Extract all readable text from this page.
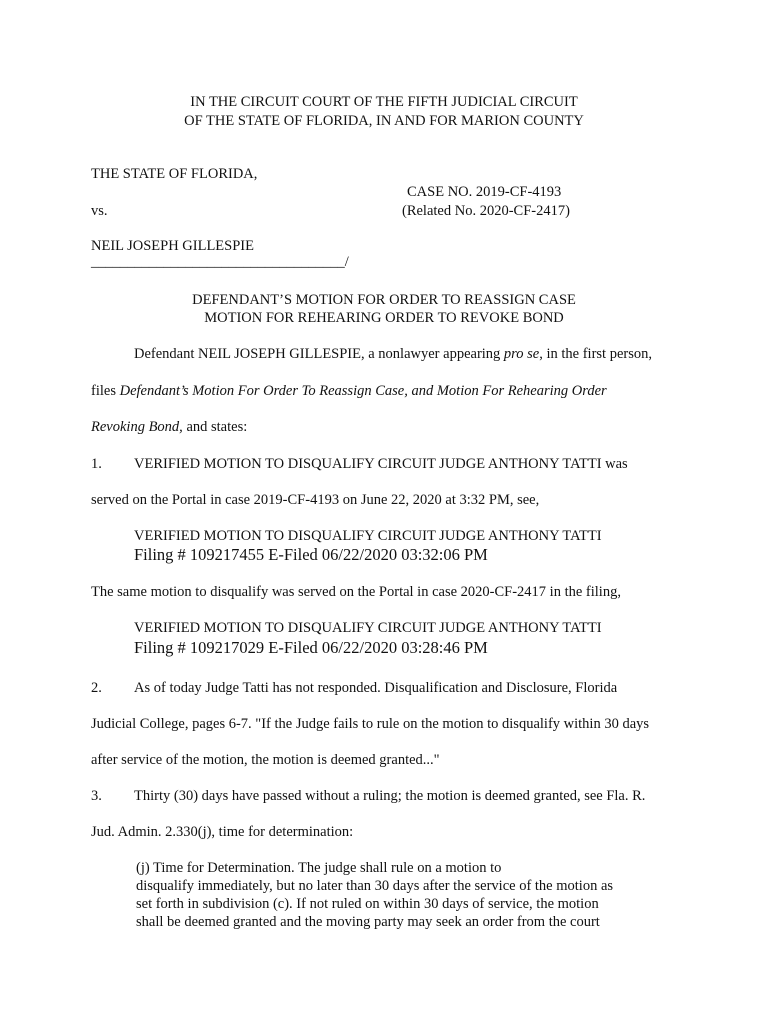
IN THE CIRCUIT COURT OF THE FIFTH JUDICIAL CIRCUIT
OF THE STATE OF FLORIDA, IN AND FOR MARION COUNTY
THE STATE OF FLORIDA,
CASE NO. 2019-CF-4193
vs.	(Related No. 2020-CF-2417)
NEIL JOSEPH GILLESPIE
___________________________________/
DEFENDANT’S MOTION FOR ORDER TO REASSIGN CASE
MOTION FOR REHEARING ORDER TO REVOKE BOND
Defendant NEIL JOSEPH GILLESPIE, a nonlawyer appearing pro se, in the first person,
files Defendant’s Motion For Order To Reassign Case, and Motion For Rehearing Order
Revoking Bond, and states:
1. VERIFIED MOTION TO DISQUALIFY CIRCUIT JUDGE ANTHONY TATTI was
served on the Portal in case 2019-CF-4193 on June 22, 2020 at 3:32 PM, see,
VERIFIED MOTION TO DISQUALIFY CIRCUIT JUDGE ANTHONY TATTI
Filing # 109217455 E-Filed 06/22/2020 03:32:06 PM
The same motion to disqualify was served on the Portal in case 2020-CF-2417 in the filing,
VERIFIED MOTION TO DISQUALIFY CIRCUIT JUDGE ANTHONY TATTI
Filing # 109217029 E-Filed 06/22/2020 03:28:46 PM
2. As of today Judge Tatti has not responded. Disqualification and Disclosure, Florida
Judicial College, pages 6-7. "If the Judge fails to rule on the motion to disqualify within 30 days
after service of the motion, the motion is deemed granted..."
3. Thirty (30) days have passed without a ruling; the motion is deemed granted, see Fla. R.
Jud. Admin. 2.330(j), time for determination:
(j) Time for Determination. The judge shall rule on a motion to
disqualify immediately, but no later than 30 days after the service of the motion as
set forth in subdivision (c). If not ruled on within 30 days of service, the motion
shall be deemed granted and the moving party may seek an order from the court
